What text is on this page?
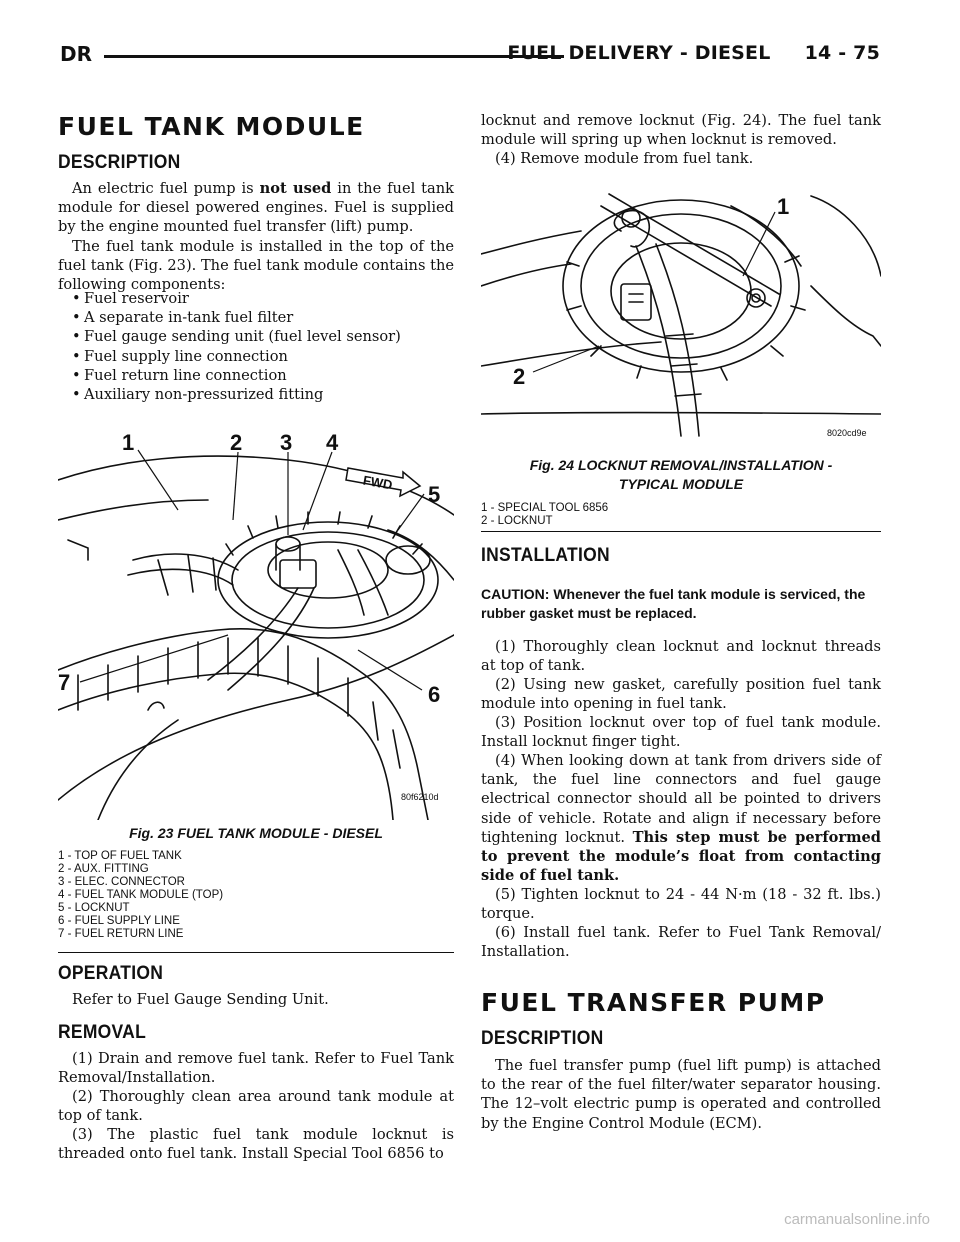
DR	FUEL DELIVERY - DIESEL     14 - 75
FUEL TANK MODULE
DESCRIPTION
An electric fuel pump is not used in the fuel tank module for diesel powered engines. Fuel is supplied by the engine mounted fuel transfer (lift) pump.
The fuel tank module is installed in the top of the fuel tank (Fig. 23). The fuel tank module contains the following components:
• Fuel reservoir
• A separate in-tank fuel filter
• Fuel gauge sending unit (fuel level sensor)
• Fuel supply line connection
• Fuel return line connection
• Auxiliary non-pressurized fitting
1	2 3 4
5
6
7
FWD
80f6210d
Fig. 23 FUEL TANK MODULE - DIESEL
1 - TOP OF FUEL TANK
2 - AUX. FITTING
3 - ELEC. CONNECTOR
4 - FUEL TANK MODULE (TOP)
5 - LOCKNUT
6 - FUEL SUPPLY LINE
7 - FUEL RETURN LINE
OPERATION
Refer to Fuel Gauge Sending Unit.
REMOVAL
(1) Drain and remove fuel tank. Refer to Fuel Tank Removal/Installation.
(2) Thoroughly clean area around tank module at top of tank.
(3) The plastic fuel tank module locknut is threaded onto fuel tank. Install Special Tool 6856 to
locknut and remove locknut (Fig. 24). The fuel tank module will spring up when locknut is removed.
(4) Remove module from fuel tank.
1
2
8020cd9e
Fig. 24 LOCKNUT REMOVAL/INSTALLATION -
TYPICAL MODULE
1 - SPECIAL TOOL 6856
2 - LOCKNUT
INSTALLATION
CAUTION: Whenever the fuel tank module is serviced, the rubber gasket must be replaced.
(1) Thoroughly clean locknut and locknut threads at top of tank.
(2) Using new gasket, carefully position fuel tank module into opening in fuel tank.
(3) Position locknut over top of fuel tank module. Install locknut finger tight.
(4) When looking down at tank from drivers side of tank, the fuel line connectors and fuel gauge electrical connector should all be pointed to drivers side of vehicle. Rotate and align if necessary before tightening locknut. This step must be performed to prevent the module’s float from contacting side of fuel tank.
(5) Tighten locknut to 24 - 44 N·m (18 - 32 ft. lbs.) torque.
(6) Install fuel tank. Refer to Fuel Tank Removal/ Installation.
FUEL TRANSFER PUMP
DESCRIPTION
The fuel transfer pump (fuel lift pump) is attached to the rear of the fuel filter/water separator housing. The 12–volt electric pump is operated and controlled by the Engine Control Module (ECM).
carmanualsonline.info
